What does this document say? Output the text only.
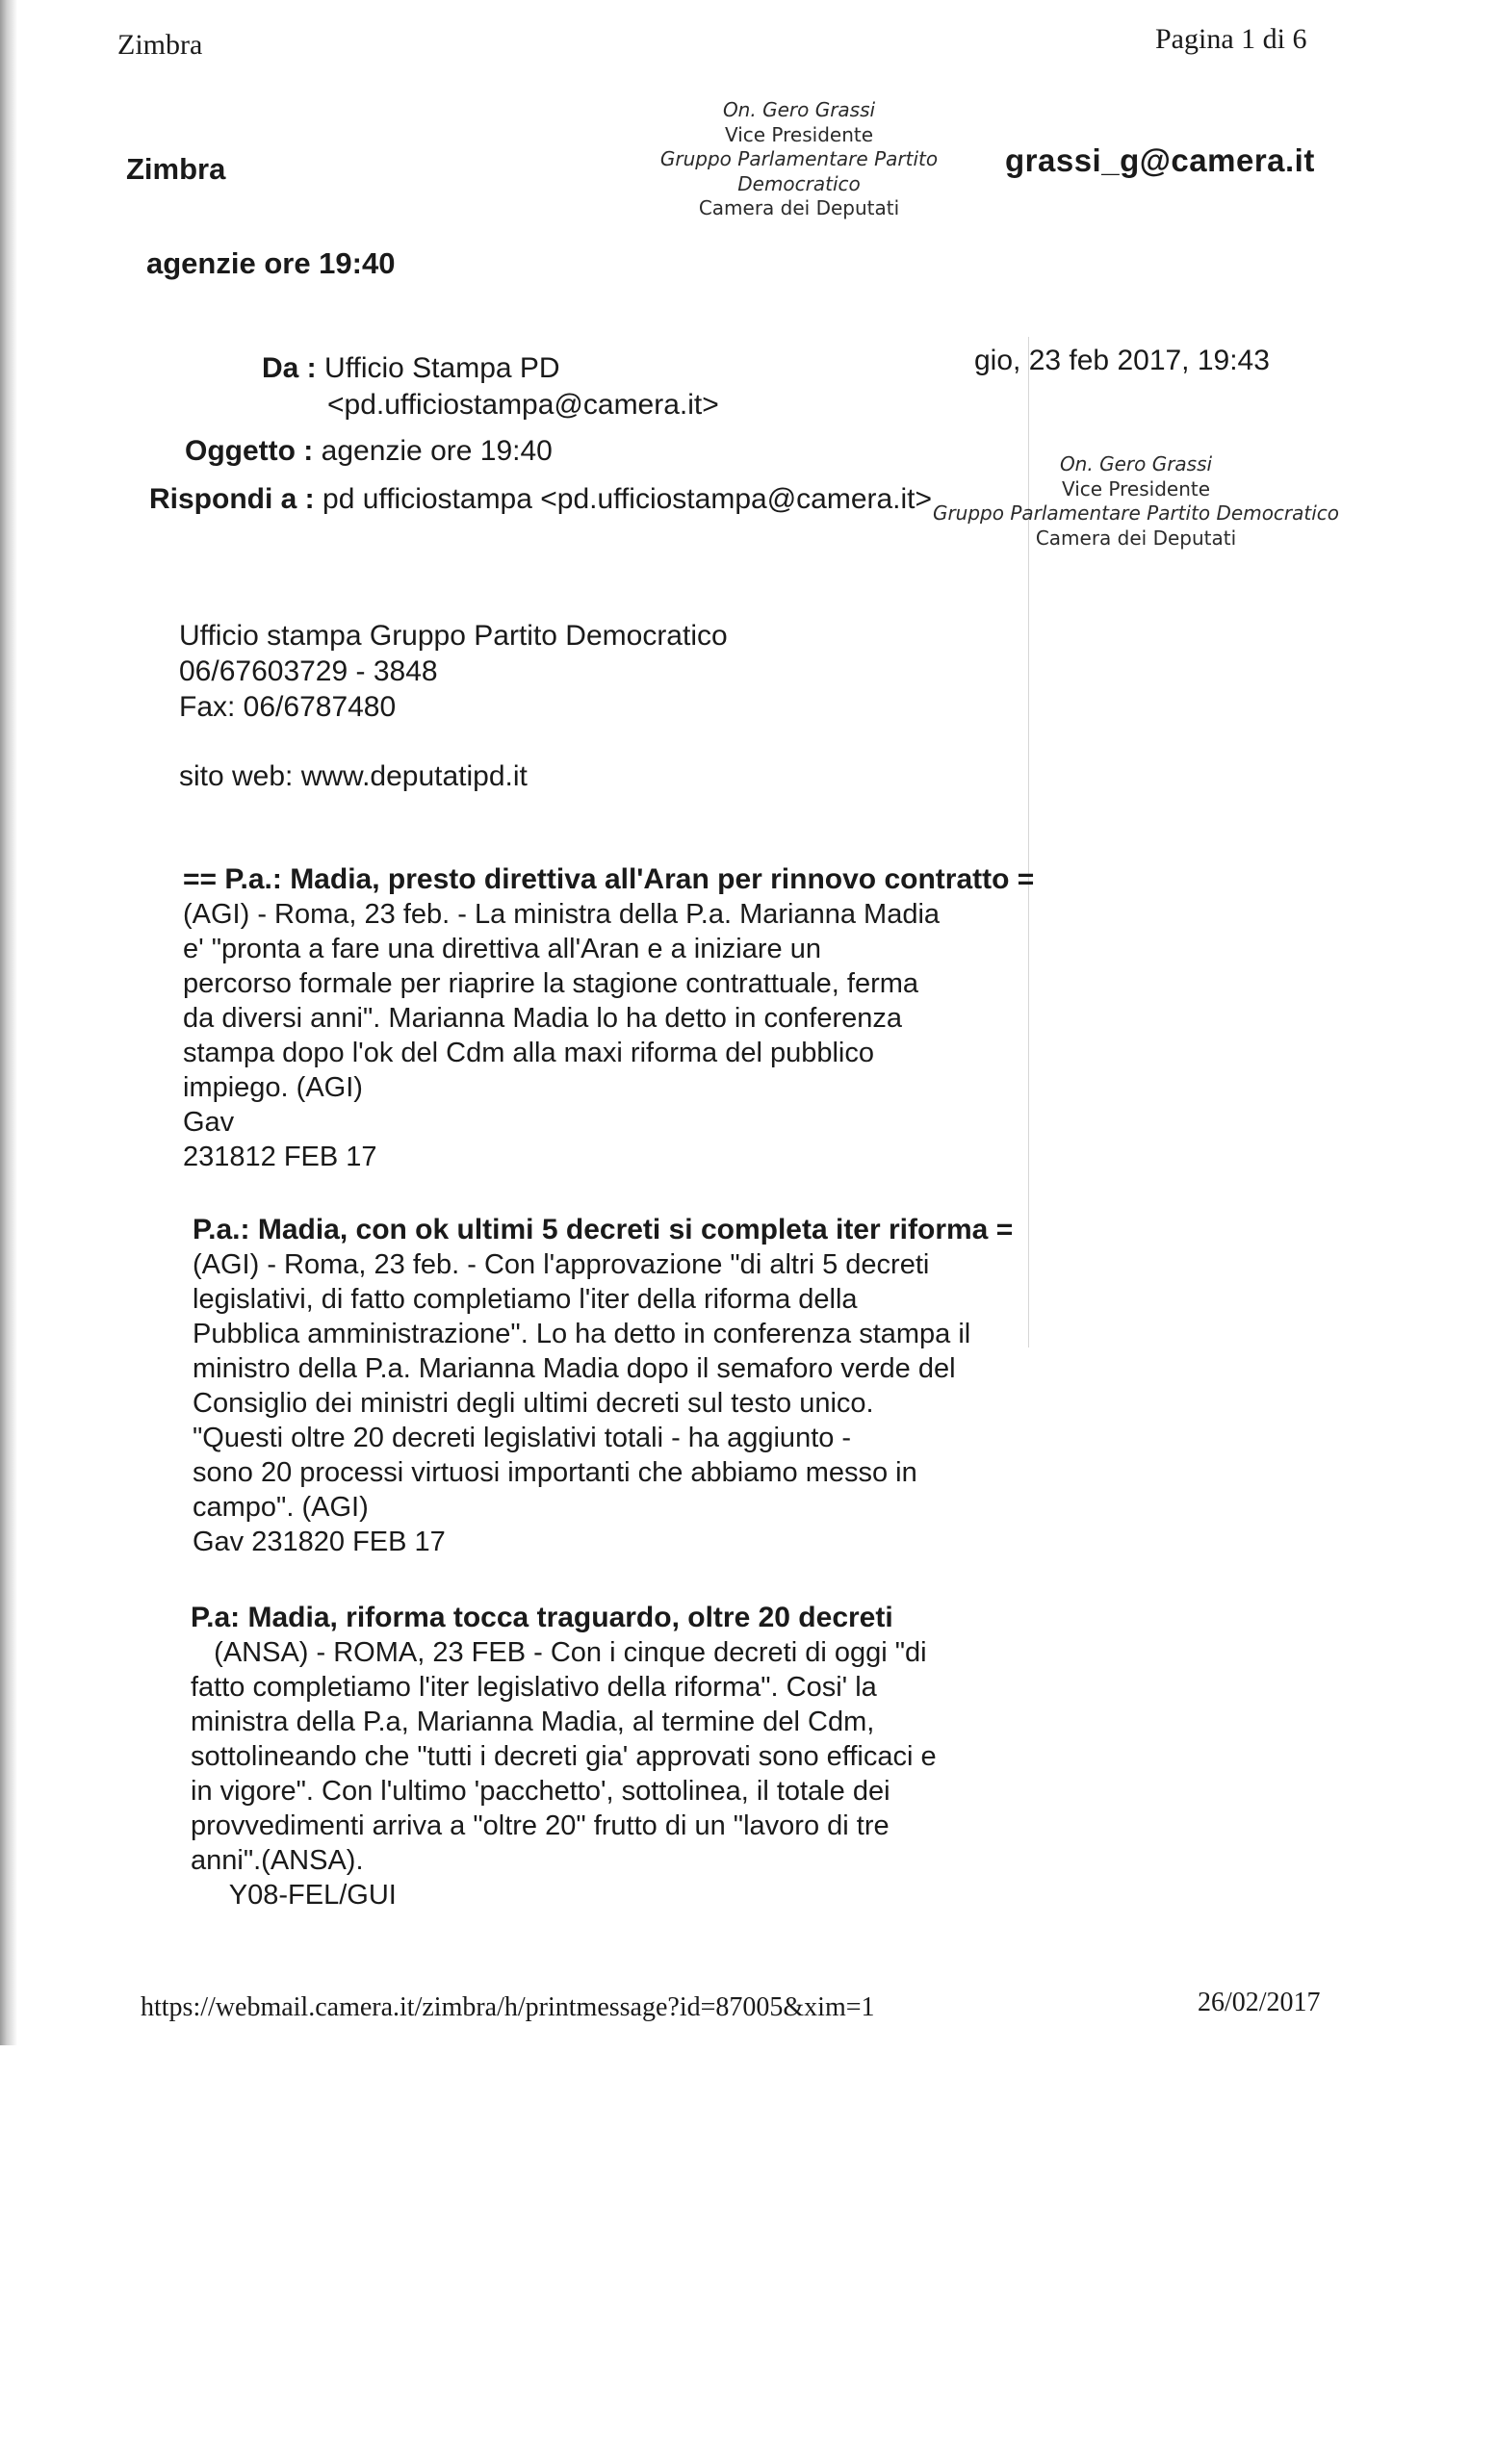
Zimbra	Pagina 1 di 6
Zimbra	grassi_g@camera.it
On. Gero Grassi
Vice Presidente
Gruppo Parlamentare Partito Democratico
Camera dei Deputati
agenzie ore 19:40
Da : Ufficio Stampa PD
<pd.ufficiostampa@camera.it>
gio, 23 feb 2017, 19:43
Oggetto : agenzie ore 19:40
Rispondi a : pd ufficiostampa <pd.ufficiostampa@camera.it>
On. Gero Grassi
Vice Presidente
Gruppo Parlamentare Partito Democratico
Camera dei Deputati
Ufficio stampa Gruppo Partito Democratico
06/67603729 - 3848
Fax: 06/6787480
sito web: www.deputatipd.it
== P.a.: Madia, presto direttiva all'Aran per rinnovo contratto =
(AGI) - Roma, 23 feb. - La ministra della P.a. Marianna Madia
e' "pronta a fare una direttiva all'Aran e a iniziare un
percorso formale per riaprire la stagione contrattuale, ferma
da diversi anni". Marianna Madia lo ha detto in conferenza
stampa dopo l'ok del Cdm alla maxi riforma del pubblico
impiego. (AGI)
Gav
231812 FEB 17
P.a.: Madia, con ok ultimi 5 decreti si completa iter riforma =
(AGI) - Roma, 23 feb. - Con l'approvazione "di altri 5 decreti
legislativi, di fatto completiamo l'iter della riforma della
Pubblica amministrazione". Lo ha detto in conferenza stampa il
ministro della P.a. Marianna Madia dopo il semaforo verde del
Consiglio dei ministri degli ultimi decreti sul testo unico.
"Questi oltre 20 decreti legislativi totali - ha aggiunto -
sono 20 processi virtuosi importanti che abbiamo messo in
campo". (AGI)
Gav 231820 FEB 17
P.a: Madia, riforma tocca traguardo, oltre 20 decreti
(ANSA) - ROMA, 23 FEB - Con i cinque decreti di oggi "di
fatto completiamo l'iter legislativo della riforma". Cosi' la
ministra della P.a, Marianna Madia, al termine del Cdm,
sottolineando che "tutti i decreti gia' approvati sono efficaci e
in vigore". Con l'ultimo 'pacchetto', sottolinea, il totale dei
provvedimenti arriva a "oltre 20" frutto di un "lavoro di tre
anni".(ANSA).
Y08-FEL/GUI
https://webmail.camera.it/zimbra/h/printmessage?id=87005&xim=1	26/02/2017
